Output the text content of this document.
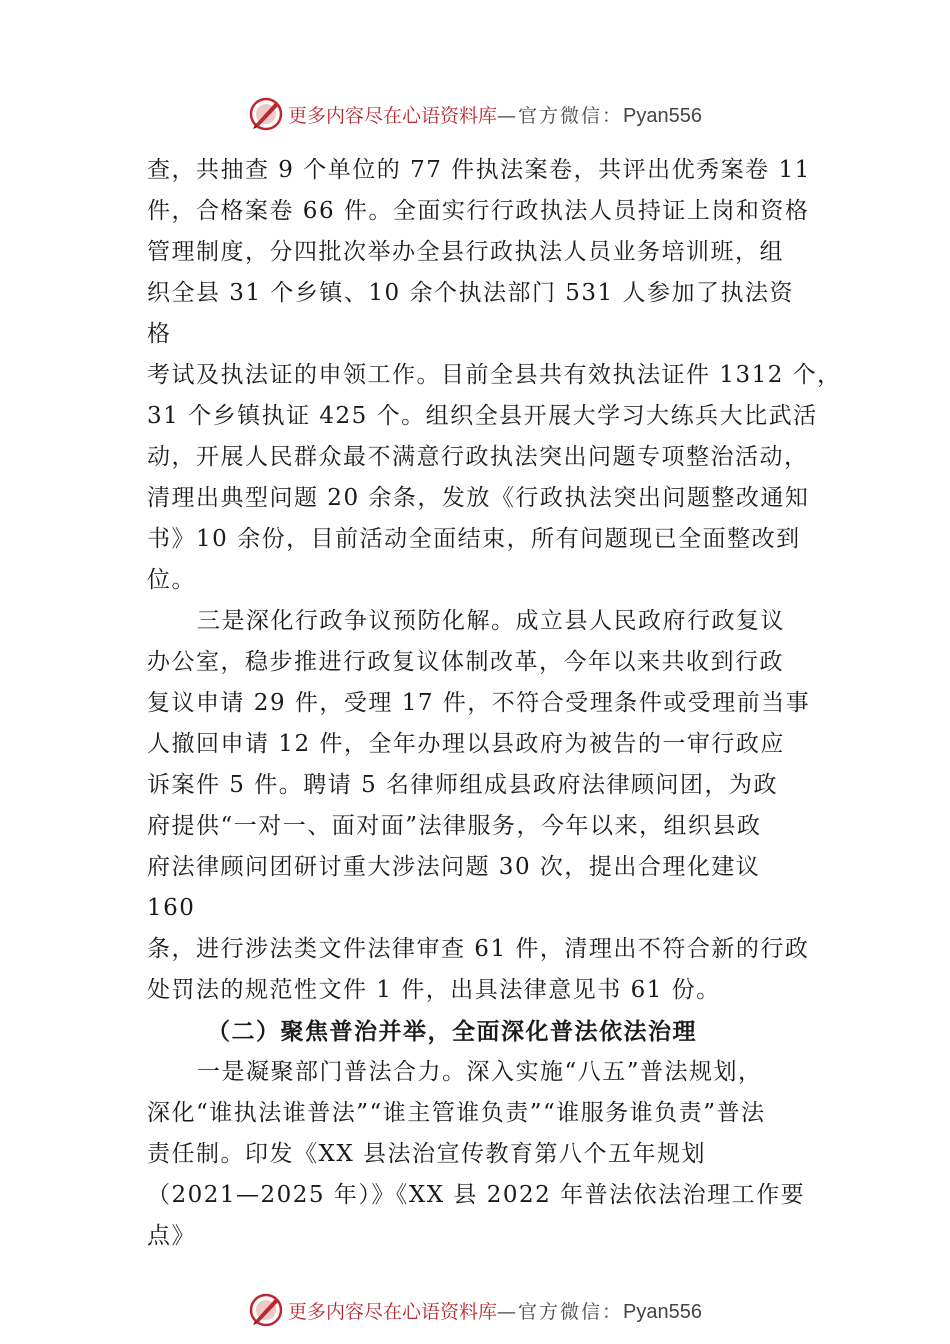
更多内容尽在心语资料库 — 官方微信： Pyan556
查，共抽查 9 个单位的 77 件执法案卷，共评出优秀案卷 11
件，合格案卷 66 件。全面实行行政执法人员持证上岗和资格
管理制度，分四批次举办全县行政执法人员业务培训班，组
织全县 31 个乡镇、10 余个执法部门 531 人参加了执法资
格
考试及执法证的申领工作。目前全县共有效执法证件 1312 个，
31 个乡镇执证 425 个。组织全县开展大学习大练兵大比武活
动，开展人民群众最不满意行政执法突出问题专项整治活动，
清理出典型问题 20 余条，发放《行政执法突出问题整改通知
书》10 余份，目前活动全面结束，所有问题现已全面整改到
位。
三是深化行政争议预防化解。成立县人民政府行政复议
办公室，稳步推进行政复议体制改革，今年以来共收到行政
复议申请 29 件，受理 17 件，不符合受理条件或受理前当事
人撤回申请 12 件，全年办理以县政府为被告的一审行政应
诉案件 5 件。聘请 5 名律师组成县政府法律顾问团，为政
府提供“一对一、面对面”法律服务，今年以来，组织县政
府法律顾问团研讨重大涉法问题 30 次，提出合理化建议
160
条，进行涉法类文件法律审查 61 件，清理出不符合新的行政
处罚法的规范性文件 1 件，出具法律意见书 61 份。
（二）聚焦普治并举，全面深化普法依法治理
一是凝聚部门普法合力。深入实施“八五”普法规划，
深化“谁执法谁普法”“谁主管谁负责”“谁服务谁负责”普法
责任制。印发《XX 县法治宣传教育第八个五年规划
（2021—2025 年）》《XX 县 2022 年普法依法治理工作要
点》
更多内容尽在心语资料库 — 官方微信： Pyan556
